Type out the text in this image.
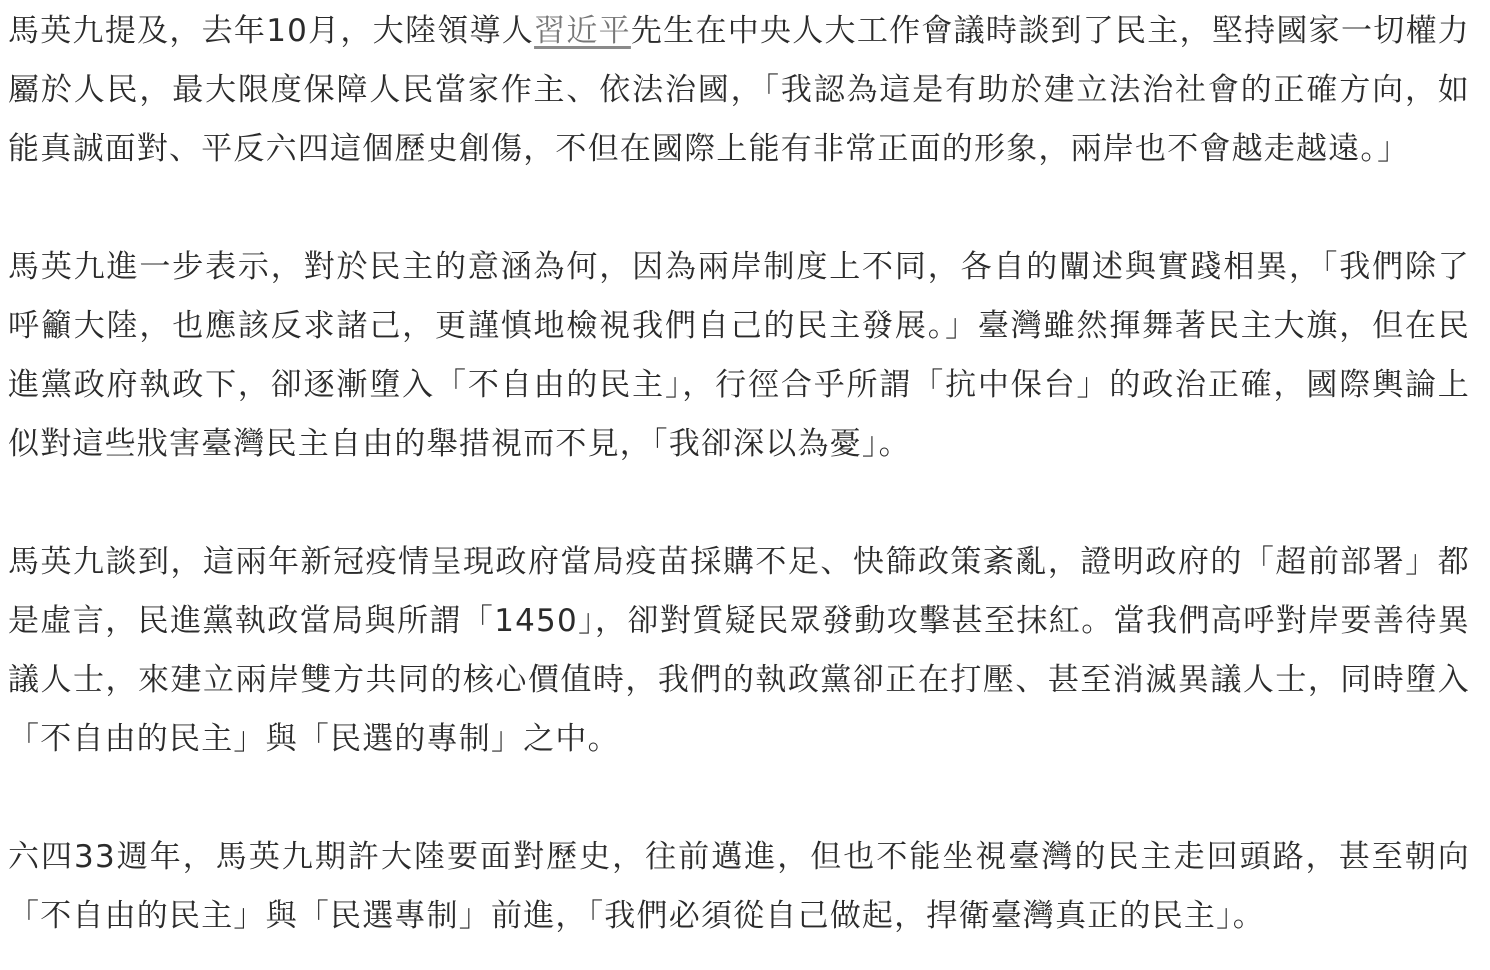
馬英九提及，去年10月，大陸領導人習近平先生在中央人大工作會議時談到了民主，堅持國家一切權力屬於人民，最大限度保障人民當家作主、依法治國，「我認為這是有助於建立法治社會的正確方向，如能真誠面對、平反六四這個歷史創傷，不但在國際上能有非常正面的形象，兩岸也不會越走越遠。」

馬英九進一步表示，對於民主的意涵為何，因為兩岸制度上不同，各自的闡述與實踐相異，「我們除了呼籲大陸，也應該反求諸己，更謹慎地檢視我們自己的民主發展。」臺灣雖然揮舞著民主大旗，但在民進黨政府執政下，卻逐漸墮入「不自由的民主」，行徑合乎所謂「抗中保台」的政治正確，國際輿論上似對這些戕害臺灣民主自由的舉措視而不見，「我卻深以為憂」。

馬英九談到，這兩年新冠疫情呈現政府當局疫苗採購不足、快篩政策紊亂，證明政府的「超前部署」都是虛言，民進黨執政當局與所謂「1450」，卻對質疑民眾發動攻擊甚至抹紅。當我們高呼對岸要善待異議人士，來建立兩岸雙方共同的核心價值時，我們的執政黨卻正在打壓、甚至消滅異議人士，同時墮入「不自由的民主」與「民選的專制」之中。

六四33週年，馬英九期許大陸要面對歷史，往前邁進，但也不能坐視臺灣的民主走回頭路，甚至朝向「不自由的民主」與「民選專制」前進，「我們必須從自己做起，捍衛臺灣真正的民主」。
